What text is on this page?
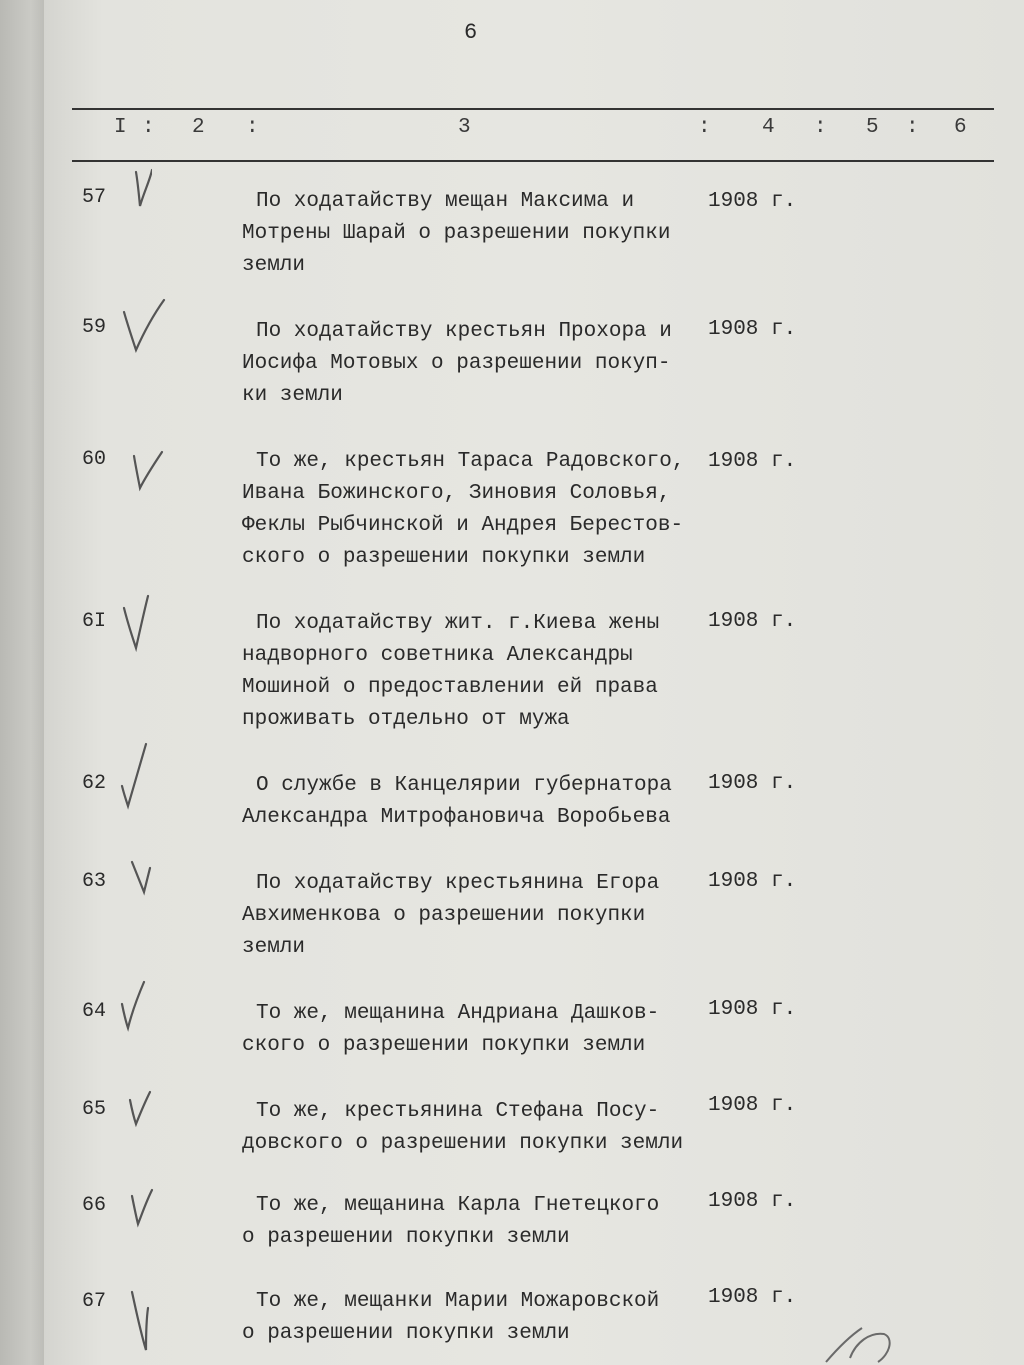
6
I : 2 :	3	: 4 : 5 : 6
57	По ходатайству мещан Максима и
Мотрены Шарай о разрешении покупки
земли
1908 г.
59	По ходатайству крестьян Прохора и
Иосифа Мотовых о разрешении покуп-
ки земли
1908 г.
60	То же, крестьян Тараса Радовского,
Ивана Божинского, Зиновия Соловья,
Феклы Рыбчинской и Андрея Берестов-
ского о разрешении покупки земли
1908 г.
6I	По ходатайству жит. г.Киева жены
надворного советника Александры
Мошиной о предоставлении ей права
проживать отдельно от мужа
1908 г.
62	О службе в Канцелярии губернатора
Александра Митрофановича Воробьева
1908 г.
63	По ходатайству крестьянина Егора
Авхименкова о разрешении покупки
земли
1908 г.
64	То же, мещанина Андриана Дашков-
ского о разрешении покупки земли
1908 г.
65	То же, крестьянина Стефана Посу-
довского о разрешении покупки земли
1908 г.
66	То же, мещанина Карла Гнетецкого
о разрешении покупки земли
1908 г.
67	То же, мещанки Марии Можаровской
о разрешении покупки земли
1908 г.
